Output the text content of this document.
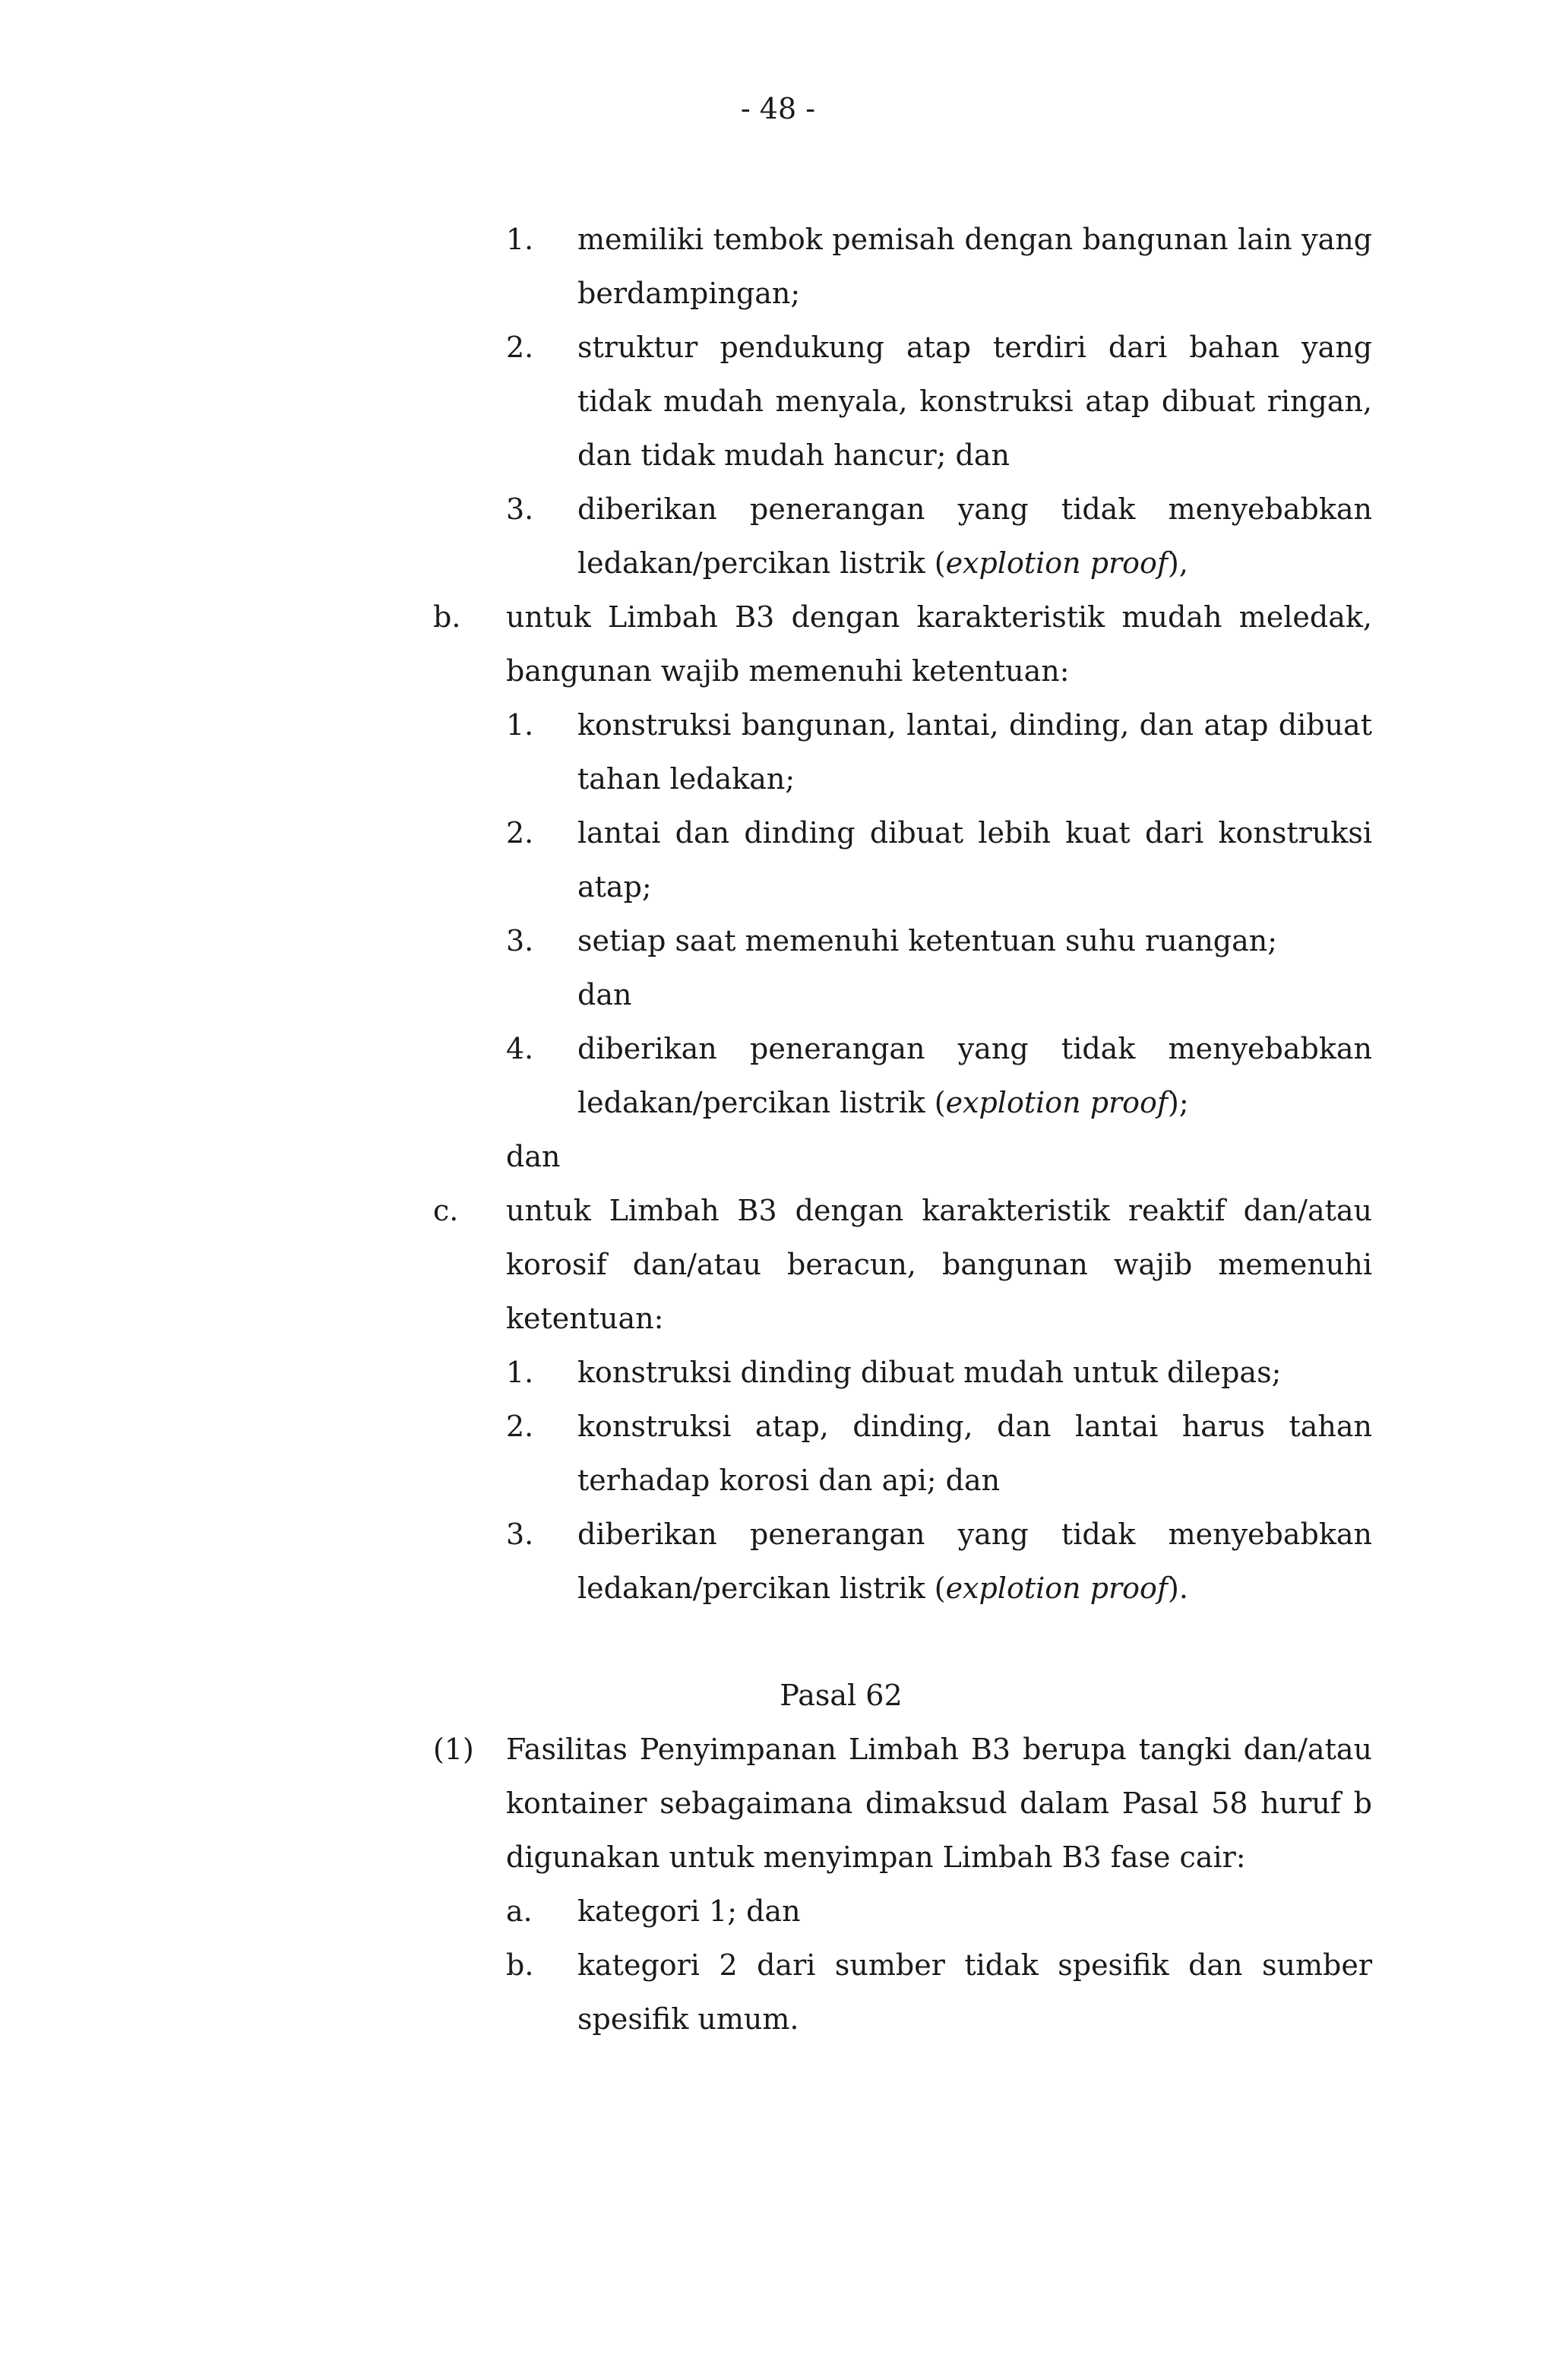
- 48 -
1. memiliki tembok pemisah dengan bangunan lain yang berdampingan;
2. struktur pendukung atap terdiri dari bahan yang tidak mudah menyala, konstruksi atap dibuat ringan, dan tidak mudah hancur; dan
3. diberikan penerangan yang tidak menyebabkan ledakan/percikan listrik (explotion proof),
b. untuk Limbah B3 dengan karakteristik mudah meledak, bangunan wajib memenuhi ketentuan:
1. konstruksi bangunan, lantai, dinding, dan atap dibuat tahan ledakan;
2. lantai dan dinding dibuat lebih kuat dari konstruksi atap;
3. setiap saat memenuhi ketentuan suhu ruangan;
dan
4. diberikan penerangan yang tidak menyebabkan ledakan/percikan listrik (explotion proof);
dan
c. untuk Limbah B3 dengan karakteristik reaktif dan/atau korosif dan/atau beracun, bangunan wajib memenuhi ketentuan:
1. konstruksi dinding dibuat mudah untuk dilepas;
2. konstruksi atap, dinding, dan lantai harus tahan terhadap korosi dan api; dan
3. diberikan penerangan yang tidak menyebabkan ledakan/percikan listrik (explotion proof).
Pasal 62
(1) Fasilitas Penyimpanan Limbah B3 berupa tangki dan/atau kontainer sebagaimana dimaksud dalam Pasal 58 huruf b digunakan untuk menyimpan Limbah B3 fase cair:
a. kategori 1; dan
b. kategori 2 dari sumber tidak spesifik dan sumber spesifik umum.
